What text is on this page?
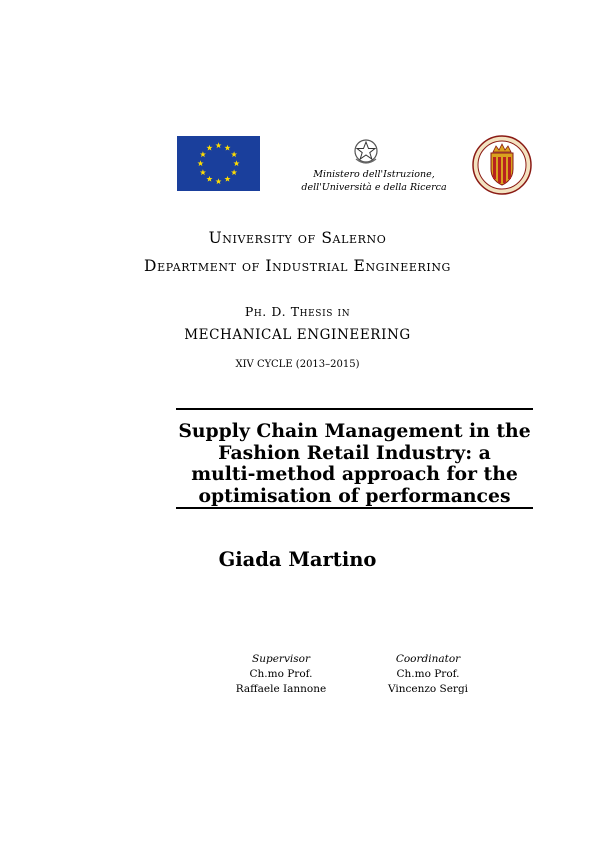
Ministero dell'Istruzione,
dell'Università e della Ricerca
University of Salerno
Department of Industrial Engineering
Ph. D. Thesis in
MECHANICAL ENGINEERING
XIV CYCLE (2013–2015)
Supply Chain Management in the
Fashion Retail Industry: a
multi-method approach for the
optimisation of performances
Giada Martino
Supervisor
Ch.mo Prof.
Raffaele Iannone
Coordinator
Ch.mo Prof.
Vincenzo Sergi
